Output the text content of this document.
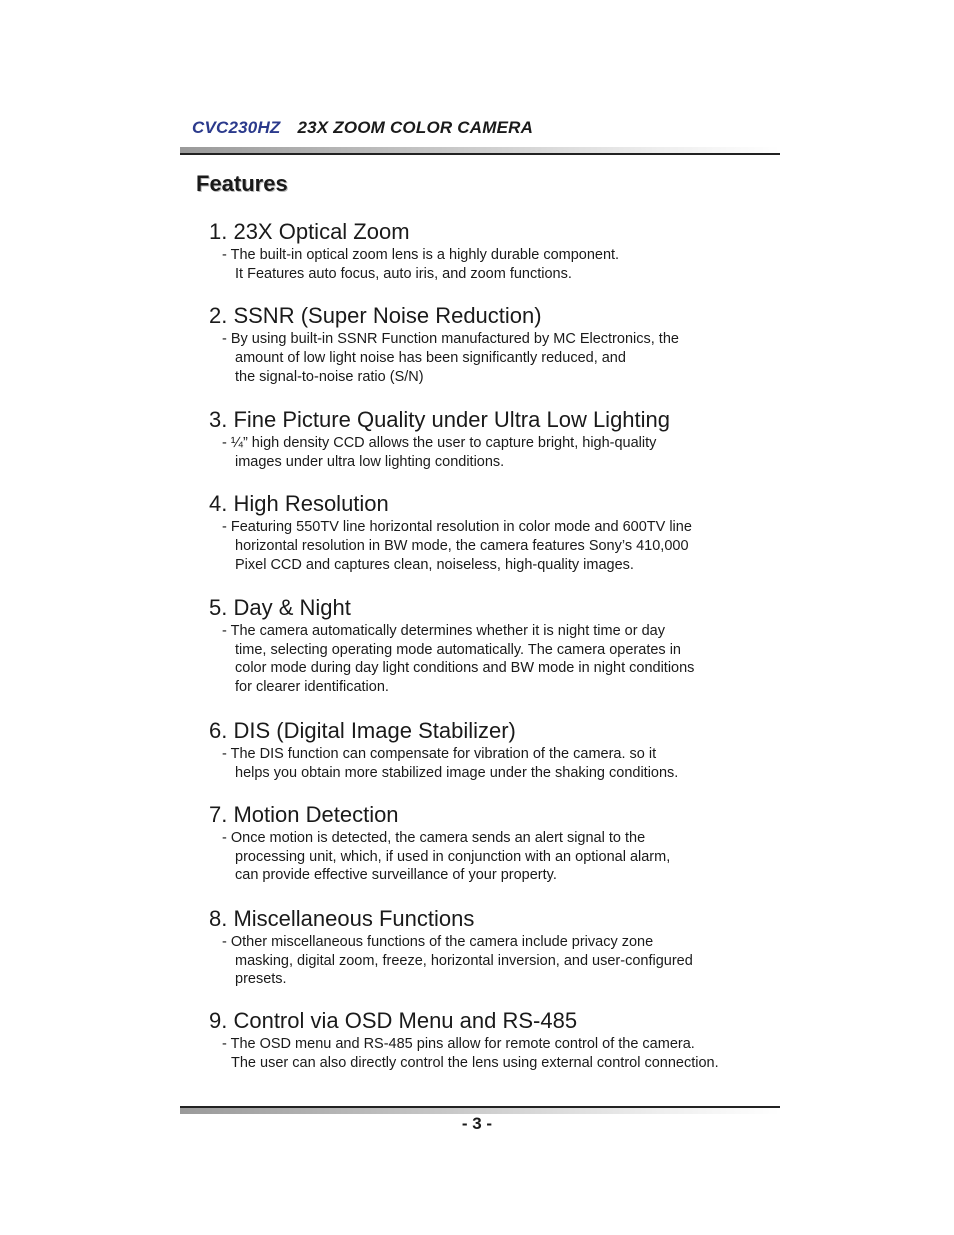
CVC230HZ 23X ZOOM COLOR CAMERA
Features
1. 23X Optical Zoom
- The built-in optical zoom lens is a highly durable component.
It Features auto focus, auto iris, and zoom functions.
2. SSNR (Super Noise Reduction)
- By using built-in SSNR Function manufactured by MC Electronics, the
amount of low light noise has been significantly reduced, and
the signal-to-noise ratio (S/N)
3. Fine Picture Quality under Ultra Low Lighting
- ¼” high density CCD allows the user to capture bright, high-quality
images under ultra low lighting conditions.
4. High Resolution
- Featuring 550TV line horizontal resolution in color mode and 600TV line
horizontal resolution in BW mode, the camera features Sony’s 410,000
Pixel CCD and captures clean, noiseless, high-quality images.
5. Day & Night
- The camera automatically determines whether it is night time or day
time, selecting operating mode automatically. The camera operates in
color mode during day light conditions and BW mode in night conditions
for clearer identification.
6. DIS (Digital Image Stabilizer)
- The DIS function can compensate for vibration of the camera. so it
helps you obtain more stabilized image under the shaking conditions.
7. Motion Detection
- Once motion is detected, the camera sends an alert signal to the
processing unit, which, if used in conjunction with an optional alarm,
can provide effective surveillance of your property.
8. Miscellaneous Functions
- Other miscellaneous functions of the camera include privacy zone
masking, digital zoom, freeze, horizontal inversion, and user-configured
presets.
9. Control via OSD Menu and RS-485
- The OSD menu and RS-485 pins allow for remote control of the camera.
The user can also directly control the lens using external control connection.
- 3 -
